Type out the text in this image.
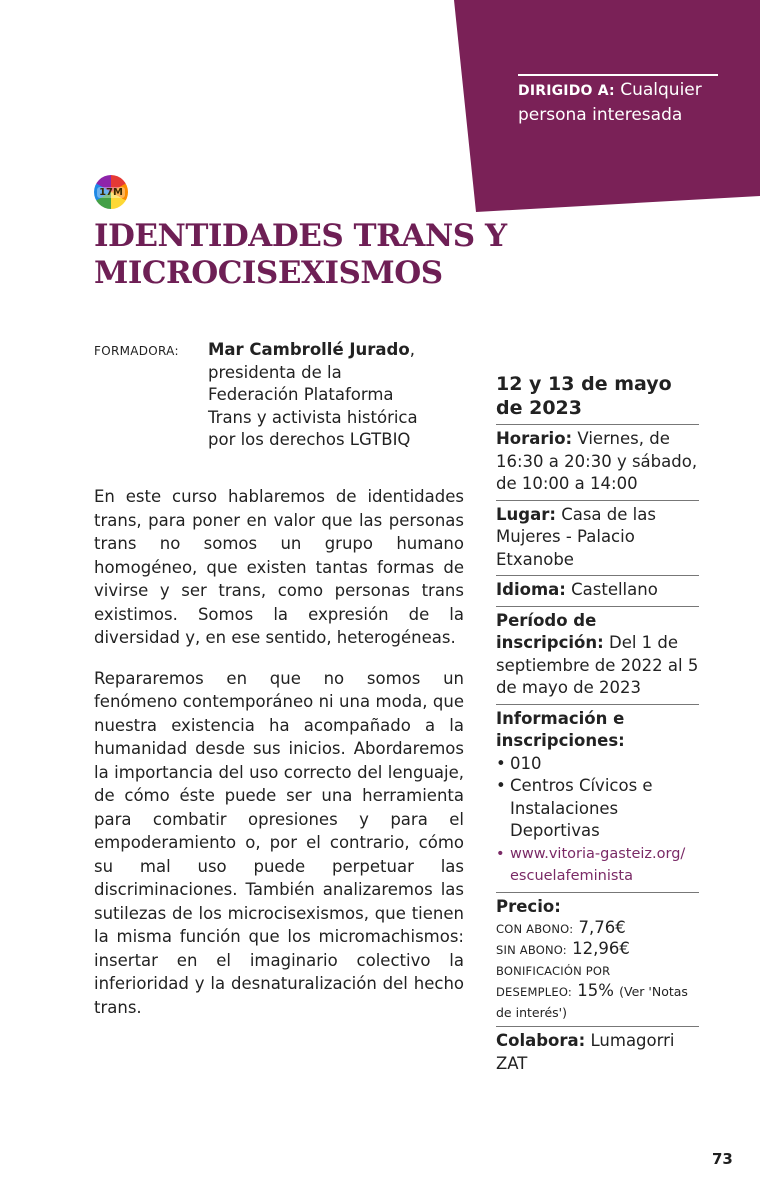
DIRIGIDO A: Cualquier
persona interesada
17M
IDENTIDADES TRANS Y
MICROCISEXISMOS
FORMADORA: Mar Cambrollé Jurado,
presidenta de la
Federación Plataforma
Trans y activista histórica
por los derechos LGTBIQ

En este curso hablaremos de identidades trans, para poner en valor que las personas trans no somos un grupo humano homogéneo, que existen tantas formas de vivirse y ser trans, como personas trans existimos. Somos la expresión de la diversidad y, en ese sentido, heterogéneas.

Repararemos en que no somos un fenómeno contemporáneo ni una moda, que nuestra existencia ha acompañado a la humanidad desde sus inicios. Abordaremos la importancia del uso correcto del lenguaje, de cómo éste puede ser una herramienta para combatir opresiones y para el empoderamiento o, por el contrario, cómo su mal uso puede perpetuar las discriminaciones. También analizaremos las sutilezas de los microcisexismos, que tienen la misma función que los micromachismos: insertar en el imaginario colectivo la inferioridad y la desnaturalización del hecho trans.

12 y 13 de mayo de 2023
Horario: Viernes, de 16:30 a 20:30 y sábado, de 10:00 a 14:00
Lugar: Casa de las Mujeres - Palacio Etxanobe
Idioma: Castellano
Período de inscripción: Del 1 de septiembre de 2022 al 5 de mayo de 2023
Información e inscripciones:
• 010
• Centros Cívicos e Instalaciones Deportivas
• www.vitoria-gasteiz.org/
escuelafeminista
Precio:
CON ABONO: 7,76€
SIN ABONO: 12,96€
BONIFICACIÓN POR
DESEMPLEO: 15% (Ver 'Notas de interés')
Colabora: Lumagorri ZAT
73
